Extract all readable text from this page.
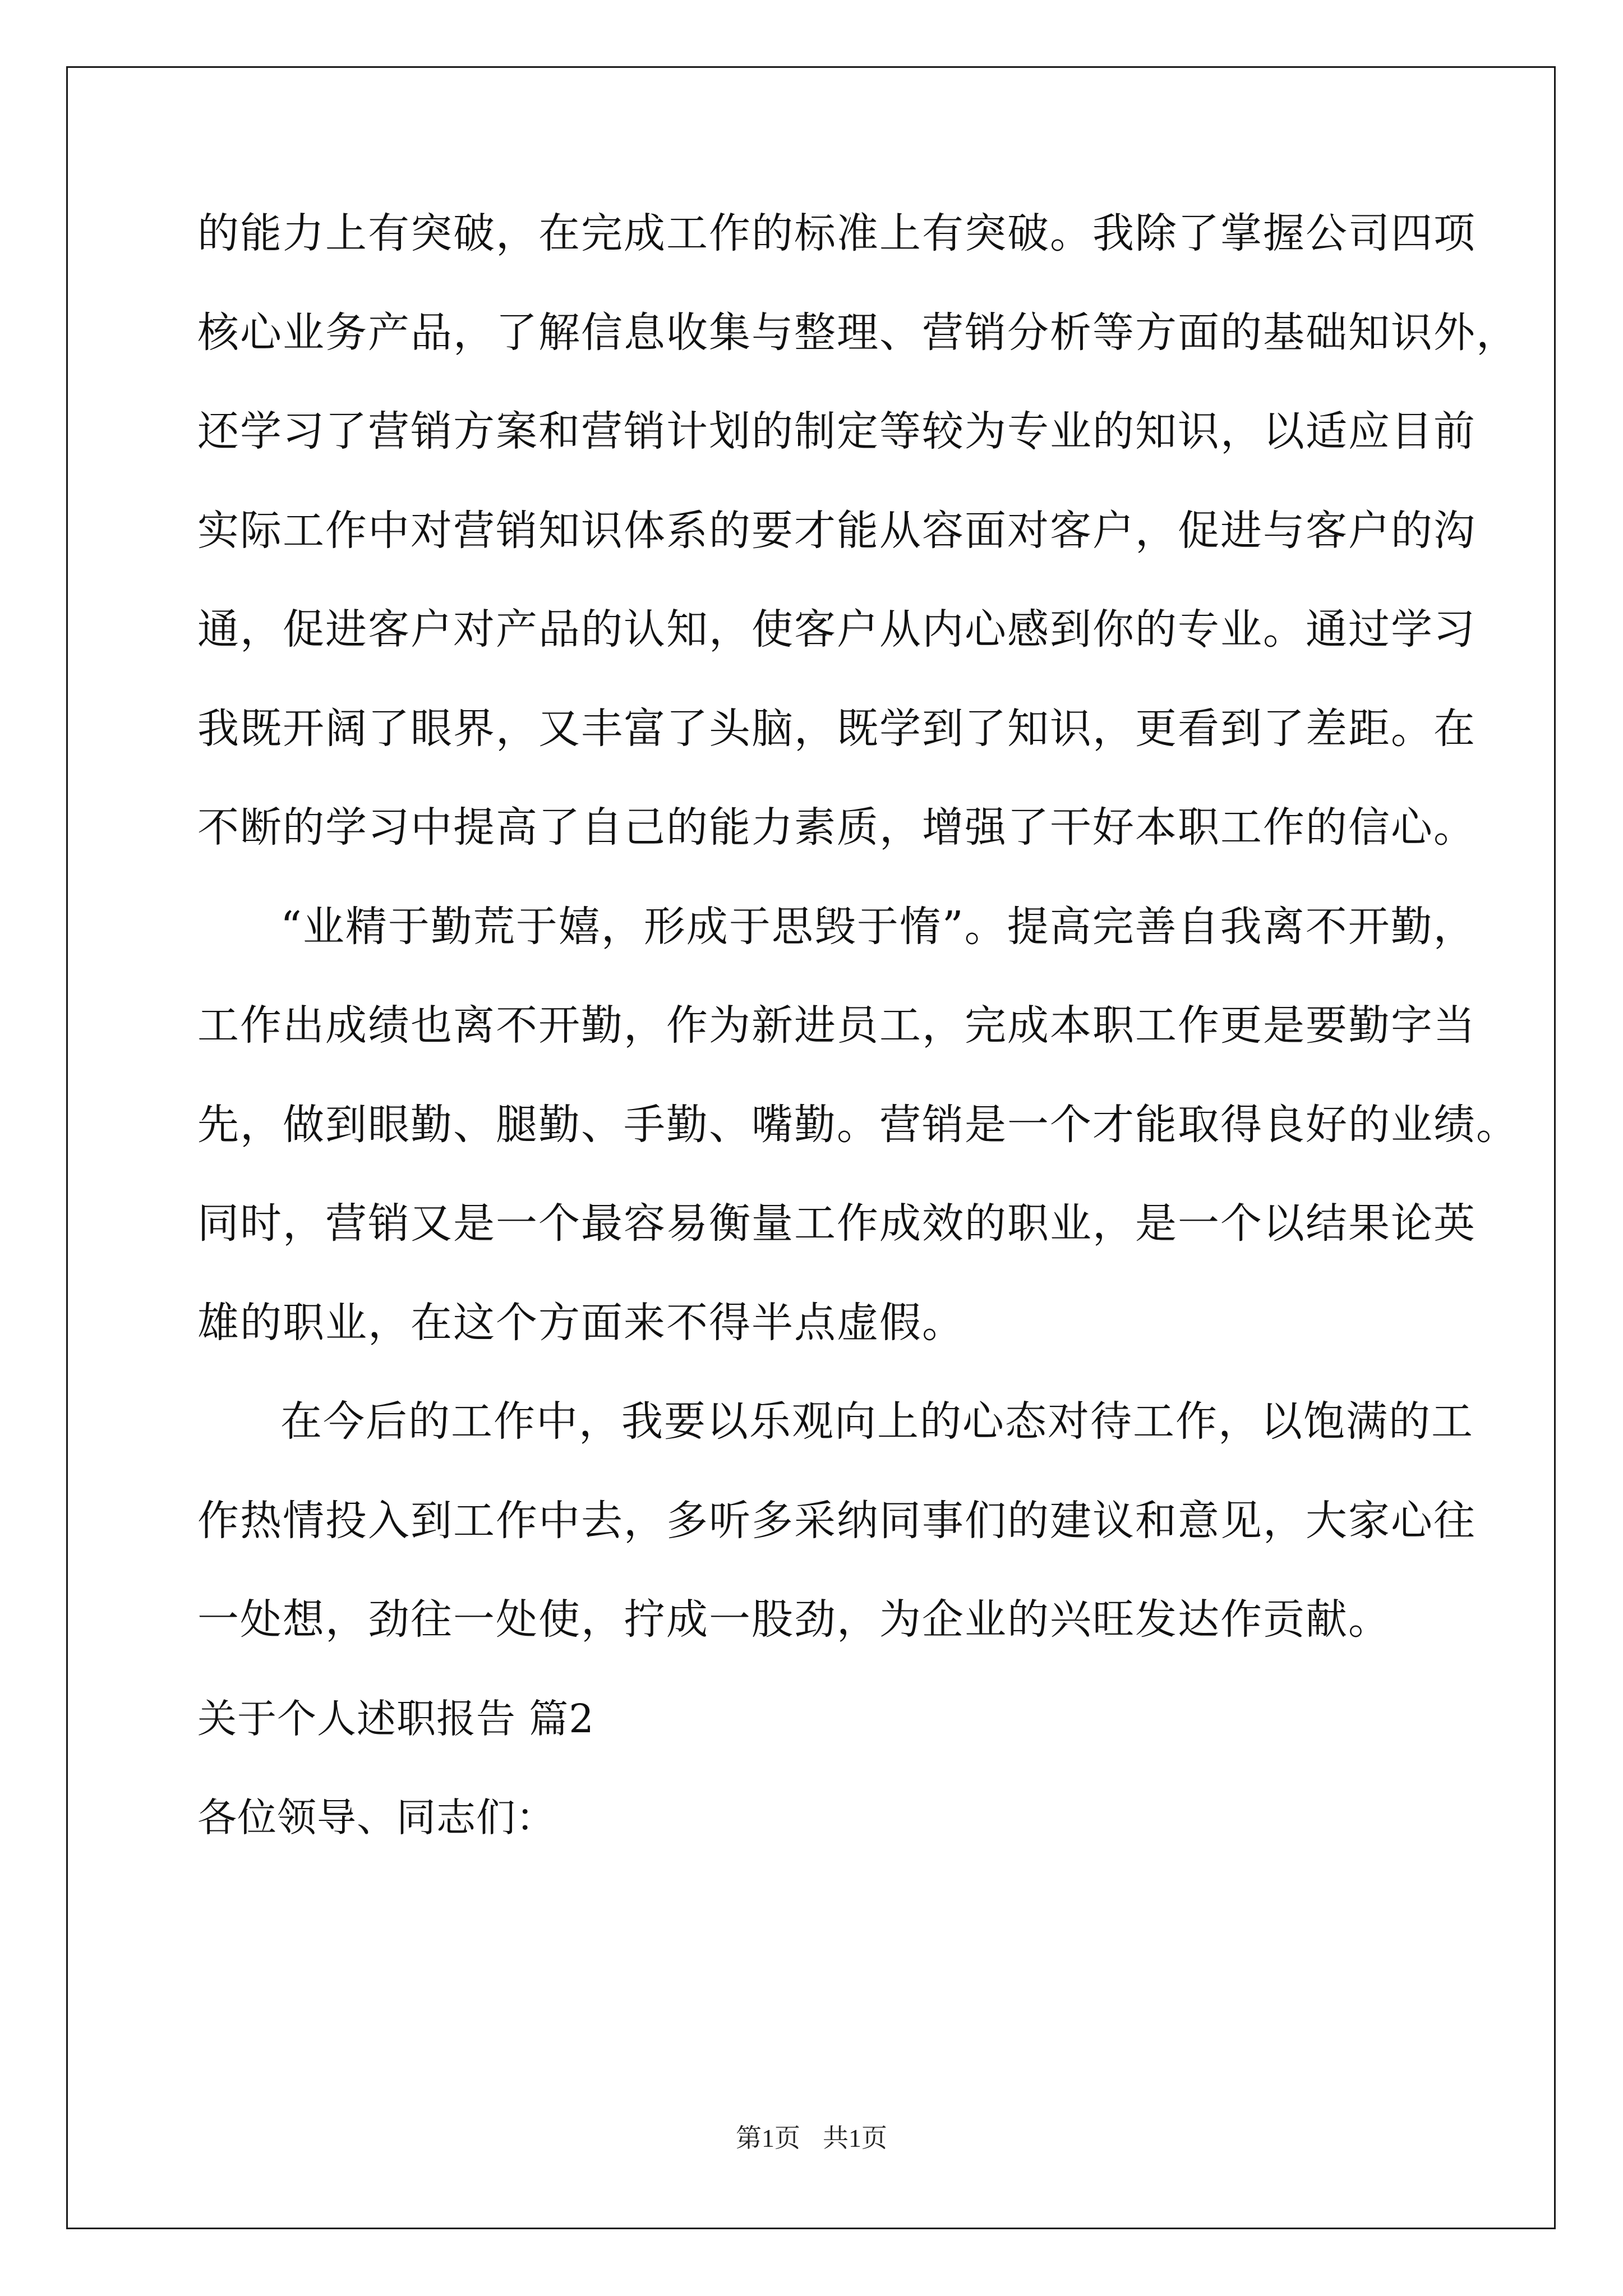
的能力上有突破，在完成工作的标准上有突破。我除了掌握公司四项
核心业务产品，了解信息收集与整理、营销分析等方面的基础知识外，
还学习了营销方案和营销计划的制定等较为专业的知识，以适应目前
实际工作中对营销知识体系的要才能从容面对客户，促进与客户的沟
通，促进客户对产品的认知，使客户从内心感到你的专业。通过学习
我既开阔了眼界，又丰富了头脑，既学到了知识，更看到了差距。在
不断的学习中提高了自己的能力素质，增强了干好本职工作的信心。
“业精于勤荒于嬉，形成于思毁于惰”。提高完善自我离不开勤，
工作出成绩也离不开勤，作为新进员工，完成本职工作更是要勤字当
先，做到眼勤、腿勤、手勤、嘴勤。营销是一个才能取得良好的业绩。
同时，营销又是一个最容易衡量工作成效的职业，是一个以结果论英
雄的职业，在这个方面来不得半点虚假。
在今后的工作中，我要以乐观向上的心态对待工作，以饱满的工
作热情投入到工作中去，多听多采纳同事们的建议和意见，大家心往
一处想，劲往一处使，拧成一股劲，为企业的兴旺发达作贡献。
关于个人述职报告 篇2
各位领导、同志们：
第1页 共1页
